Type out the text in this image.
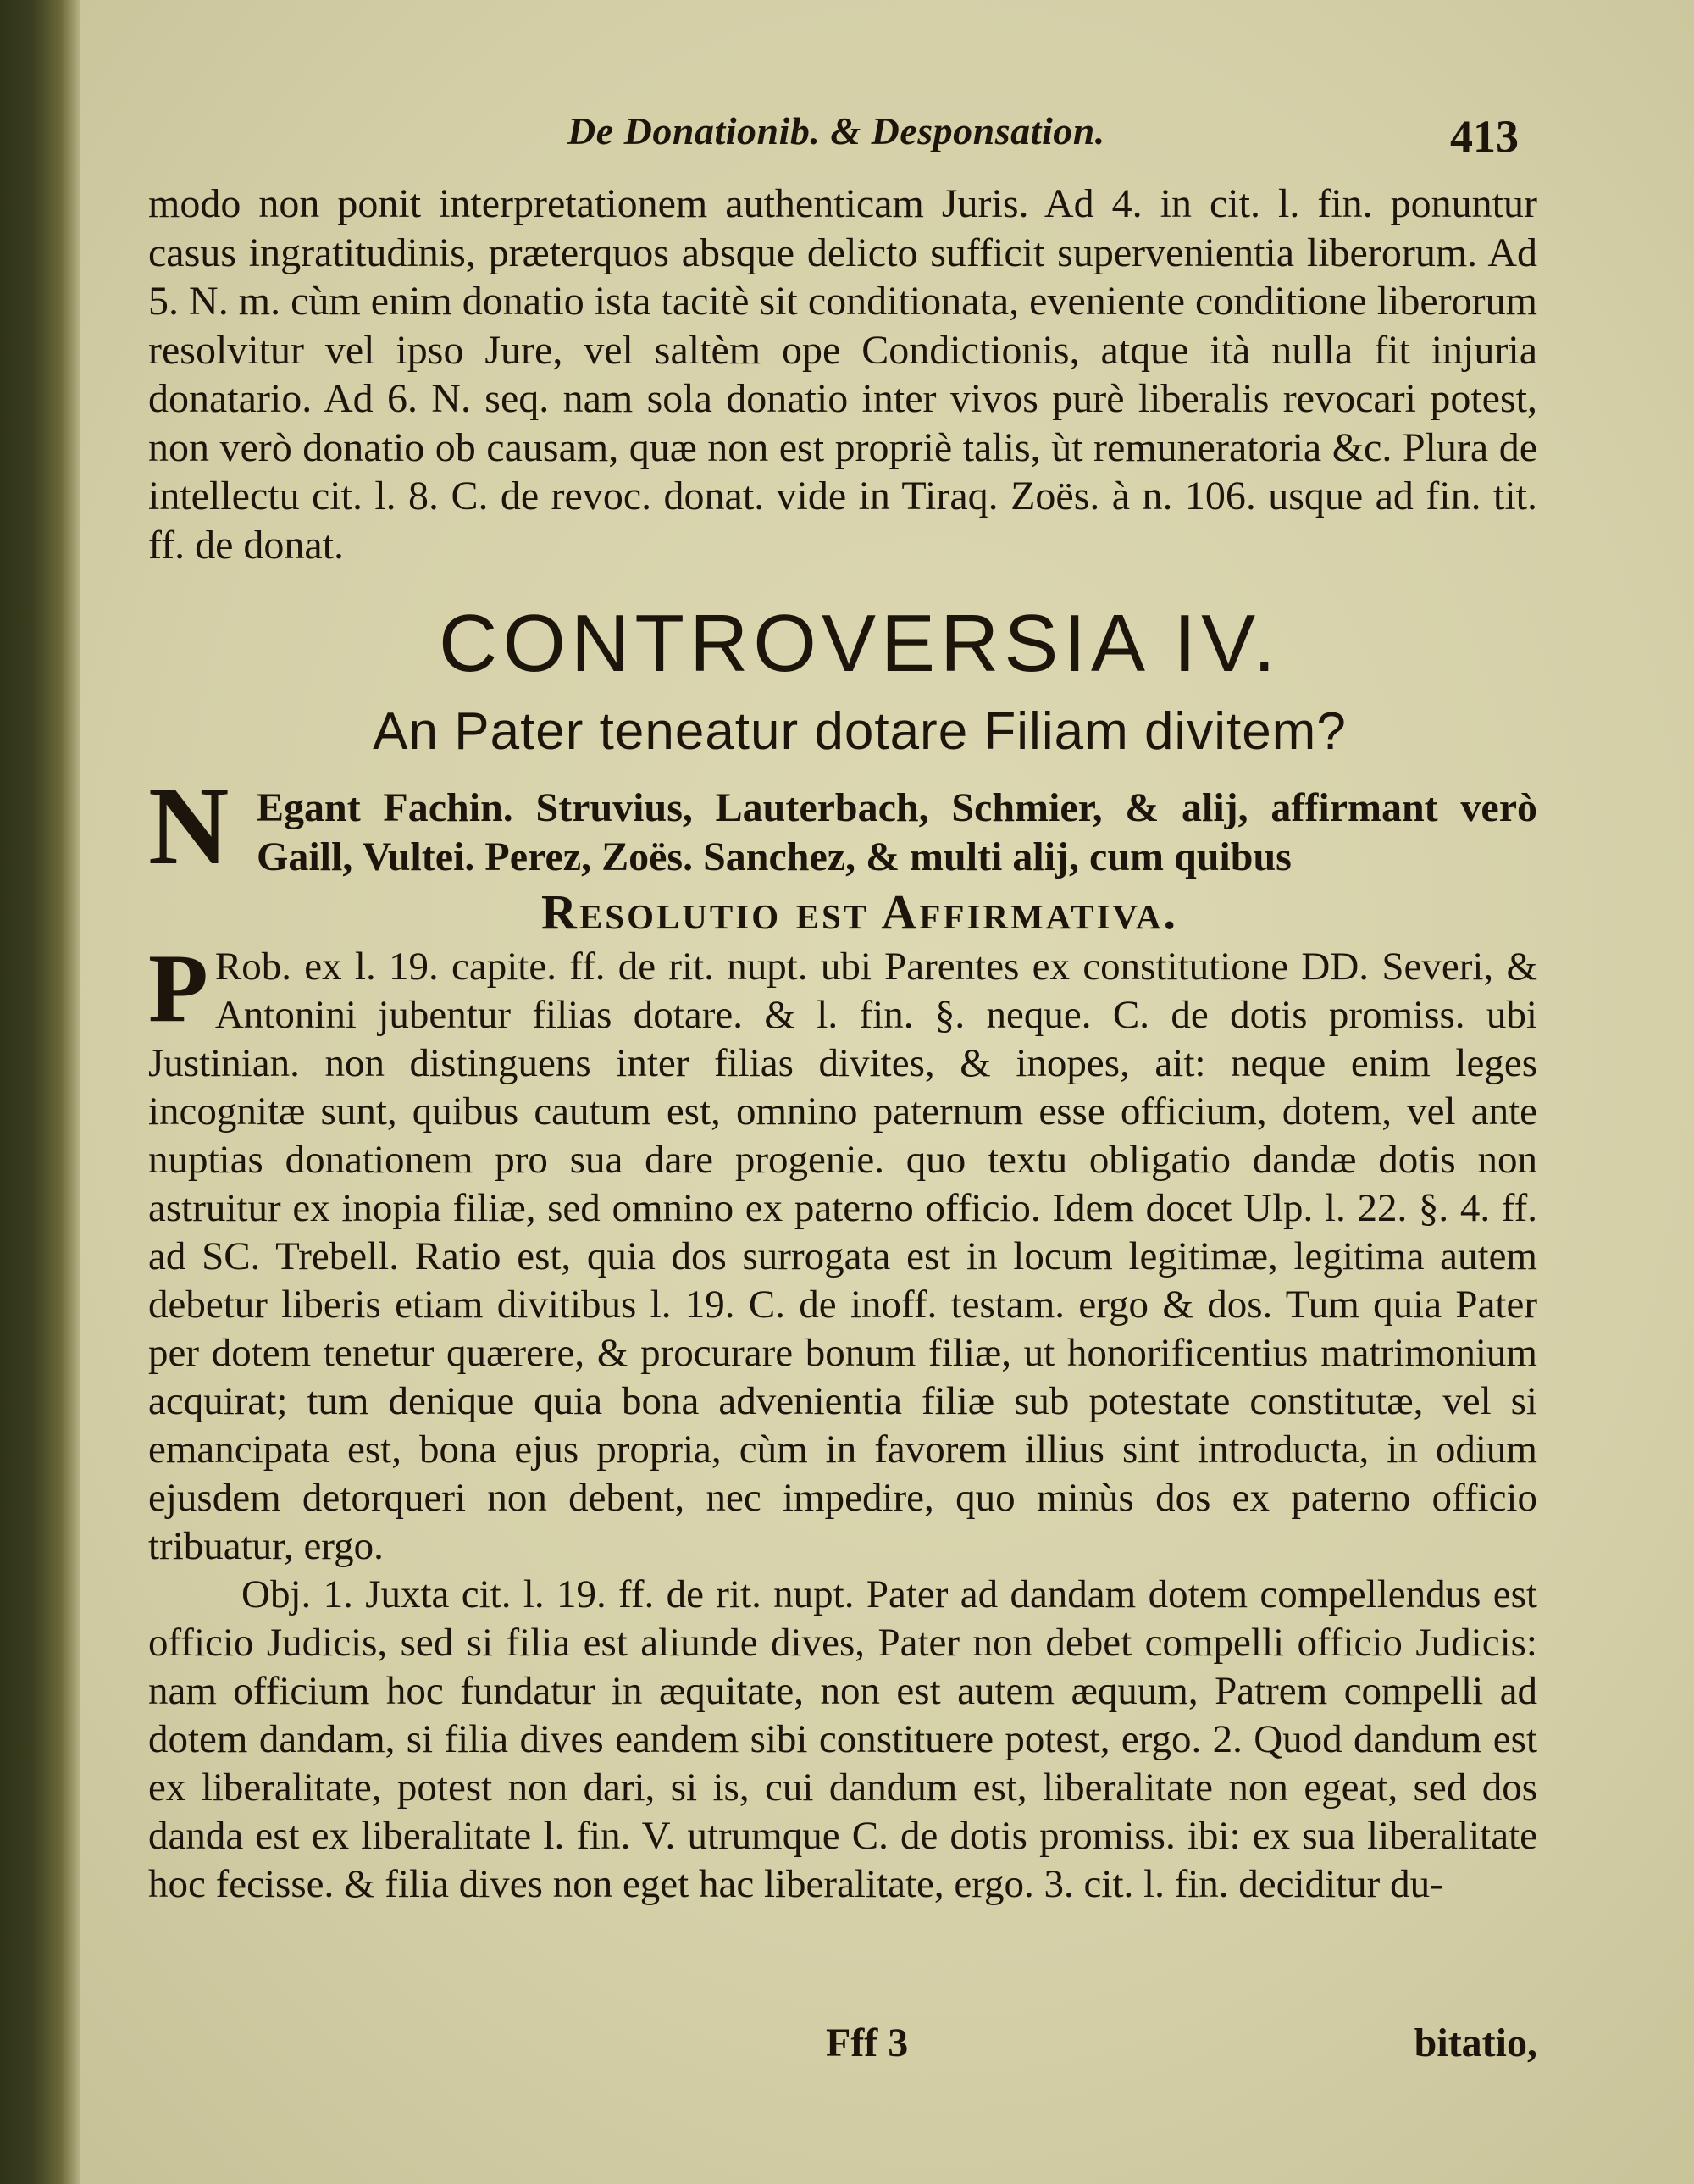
De Donationib. & Desponsation.	413

modo non ponit interpretationem authenticam Juris. Ad 4. in cit. l. fin. ponuntur casus ingratitudinis, præterquos absque delicto sufficit supervenientia liberorum. Ad 5. N. m. cùm enim donatio ista tacitè sit conditionata, eveniente conditione liberorum resolvitur vel ipso Jure, vel saltèm ope Condictionis, atque ità nulla fit injuria donatario. Ad 6. N. seq. nam sola donatio inter vivos purè liberalis revocari potest, non verò donatio ob causam, quæ non est propriè talis, ùt remuneratoria &c. Plura de intellectu cit. l. 8. C. de revoc. donat. vide in Tiraq. Zoës. à n. 106. usque ad fin. tit. ff. de donat.

CONTROVERSIA IV.
An Pater teneatur dotare Filiam divitem?
N Egant Fachin. Struvius, Lauterbach, Schmier, & alij, affirmant verò Gaill, Vultei. Perez, Zoës. Sanchez, & multi alij, cum quibus
Resolutio est Affirmativa.
P Rob. ex l. 19. capite. ff. de rit. nupt. ubi Parentes ex constitutione DD. Severi, & Antonini jubentur filias dotare. & l. fin. §. neque. C. de dotis promiss. ubi Justinian. non distinguens inter filias divites, & inopes, ait: neque enim leges incognitæ sunt, quibus cautum est, omnino paternum esse officium, dotem, vel ante nuptias donationem pro sua dare progenie. quo textu obligatio dandæ dotis non astruitur ex inopia filiæ, sed omnino ex paterno officio. Idem docet Ulp. l. 22. §. 4. ff. ad SC. Trebell. Ratio est, quia dos surrogata est in locum legitimæ, legitima autem debetur liberis etiam divitibus l. 19. C. de inoff. testam. ergo & dos. Tum quia Pater per dotem tenetur quærere, & procurare bonum filiæ, ut honorificentius matrimonium acquirat; tum denique quia bona advenientia filiæ sub potestate constitutæ, vel si emancipata est, bona ejus propria, cùm in favorem illius sint introducta, in odium ejusdem detorqueri non debent, nec impedire, quo minùs dos ex paterno officio tribuatur, ergo.
Obj. 1. Juxta cit. l. 19. ff. de rit. nupt. Pater ad dandam dotem compellendus est officio Judicis, sed si filia est aliunde dives, Pater non debet compelli officio Judicis: nam officium hoc fundatur in æquitate, non est autem æquum, Patrem compelli ad dotem dandam, si filia dives eandem sibi constituere potest, ergo. 2. Quod dandum est ex liberalitate, potest non dari, si is, cui dandum est, liberalitate non egeat, sed dos danda est ex liberalitate l. fin. V. utrumque C. de dotis promiss. ibi: ex sua liberalitate hoc fecisse. & filia dives non eget hac liberalitate, ergo. 3. cit. l. fin. deciditur du-
Fff 3	bitatio,
